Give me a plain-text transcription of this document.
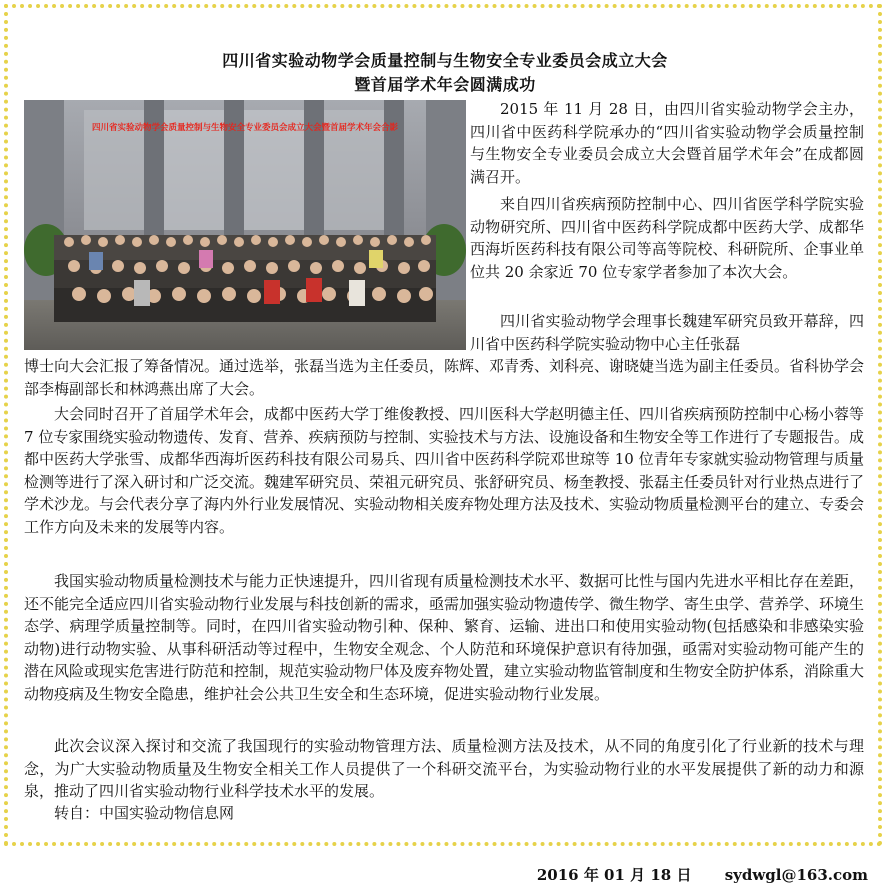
四川省实验动物学会质量控制与生物安全专业委员会成立大会
暨首届学术年会圆满成功
四川省实验动物学会质量控制与生物安全专业委员会成立大会暨首届学术年会合影

2015 年 11 月 28 日，由四川省实验动物学会主办，四川省中医药科学院承办的“四川省实验动物学会质量控制与生物安全专业委员会成立大会暨首届学术年会”在成都圆满召开。

来自四川省疾病预防控制中心、四川省医学科学院实验动物研究所、四川省中医药科学院成都中医药大学、成都华西海圻医药科技有限公司等高等院校、科研院所、企事业单位共 20 余家近 70 位专家学者参加了本次大会。

四川省实验动物学会理事长魏建军研究员致开幕辞，四川省中医药科学院实验动物中心主任张磊

博士向大会汇报了筹备情况。通过选举，张磊当选为主任委员，陈辉、邓青秀、刘科亮、谢晓婕当选为副主任委员。省科协学会部李梅副部长和林鸿燕出席了大会。

大会同时召开了首届学术年会，成都中医药大学丁维俊教授、四川医科大学赵明德主任、四川省疾病预防控制中心杨小蓉等 7 位专家围绕实验动物遗传、发育、营养、疾病预防与控制、实验技术与方法、设施设备和生物安全等工作进行了专题报告。成都中医药大学张雪、成都华西海圻医药科技有限公司易兵、四川省中医药科学院邓世琼等 10 位青年专家就实验动物管理与质量检测等进行了深入研讨和广泛交流。魏建军研究员、荣祖元研究员、张舒研究员、杨奎教授、张磊主任委员针对行业热点进行了学术沙龙。与会代表分享了海内外行业发展情况、实验动物相关废弃物处理方法及技术、实验动物质量检测平台的建立、专委会工作方向及未来的发展等内容。

我国实验动物质量检测技术与能力正快速提升，四川省现有质量检测技术水平、数据可比性与国内先进水平相比存在差距，还不能完全适应四川省实验动物行业发展与科技创新的需求，亟需加强实验动物遗传学、微生物学、寄生虫学、营养学、环境生态学、病理学质量控制等。同时，在四川省实验动物引种、保种、繁育、运输、进出口和使用实验动物(包括感染和非感染实验动物)进行动物实验、从事科研活动等过程中，生物安全观念、个人防范和环境保护意识有待加强，亟需对实验动物可能产生的潜在风险或现实危害进行防范和控制，规范实验动物尸体及废弃物处置，建立实验动物监管制度和生物安全防护体系，消除重大动物疫病及生物安全隐患，维护社会公共卫生安全和生态环境，促进实验动物行业发展。

此次会议深入探讨和交流了我国现行的实验动物管理方法、质量检测方法及技术，从不同的角度引化了行业新的技术与理念，为广大实验动物质量及生物安全相关工作人员提供了一个科研交流平台，为实验动物行业的水平发展提供了新的动力和源泉，推动了四川省实验动物行业科学技术水平的发展。

转自：中国实验动物信息网

2016 年 01 月 18 日 sydwgl@163.com
